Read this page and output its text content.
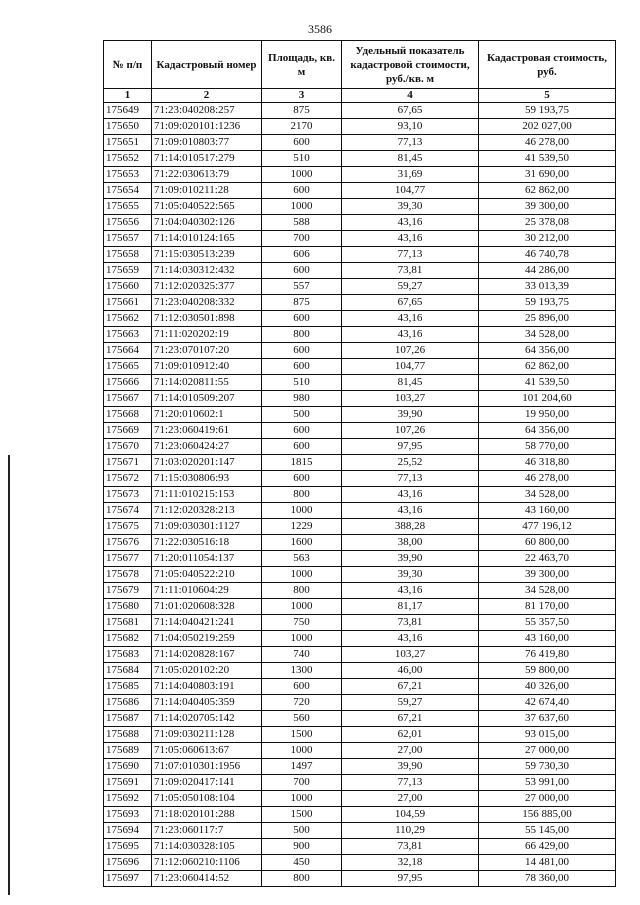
3586
№ п/п	Кадастровый номер	Площадь, кв. м	Удельный показатель кадастровой стоимости, руб./кв. м	Кадастровая стоимость, руб.
1	2	3	4	5
175649	71:23:040208:257	875	67,65	59 193,75
175650	71:09:020101:1236	2170	93,10	202 027,00
175651	71:09:010803:77	600	77,13	46 278,00
175652	71:14:010517:279	510	81,45	41 539,50
175653	71:22:030613:79	1000	31,69	31 690,00
175654	71:09:010211:28	600	104,77	62 862,00
175655	71:05:040522:565	1000	39,30	39 300,00
175656	71:04:040302:126	588	43,16	25 378,08
175657	71:14:010124:165	700	43,16	30 212,00
175658	71:15:030513:239	606	77,13	46 740,78
175659	71:14:030312:432	600	73,81	44 286,00
175660	71:12:020325:377	557	59,27	33 013,39
175661	71:23:040208:332	875	67,65	59 193,75
175662	71:12:030501:898	600	43,16	25 896,00
175663	71:11:020202:19	800	43,16	34 528,00
175664	71:23:070107:20	600	107,26	64 356,00
175665	71:09:010912:40	600	104,77	62 862,00
175666	71:14:020811:55	510	81,45	41 539,50
175667	71:14:010509:207	980	103,27	101 204,60
175668	71:20:010602:1	500	39,90	19 950,00
175669	71:23:060419:61	600	107,26	64 356,00
175670	71:23:060424:27	600	97,95	58 770,00
175671	71:03:020201:147	1815	25,52	46 318,80
175672	71:15:030806:93	600	77,13	46 278,00
175673	71:11:010215:153	800	43,16	34 528,00
175674	71:12:020328:213	1000	43,16	43 160,00
175675	71:09:030301:1127	1229	388,28	477 196,12
175676	71:22:030516:18	1600	38,00	60 800,00
175677	71:20:011054:137	563	39,90	22 463,70
175678	71:05:040522:210	1000	39,30	39 300,00
175679	71:11:010604:29	800	43,16	34 528,00
175680	71:01:020608:328	1000	81,17	81 170,00
175681	71:14:040421:241	750	73,81	55 357,50
175682	71:04:050219:259	1000	43,16	43 160,00
175683	71:14:020828:167	740	103,27	76 419,80
175684	71:05:020102:20	1300	46,00	59 800,00
175685	71:14:040803:191	600	67,21	40 326,00
175686	71:14:040405:359	720	59,27	42 674,40
175687	71:14:020705:142	560	67,21	37 637,60
175688	71:09:030211:128	1500	62,01	93 015,00
175689	71:05:060613:67	1000	27,00	27 000,00
175690	71:07:010301:1956	1497	39,90	59 730,30
175691	71:09:020417:141	700	77,13	53 991,00
175692	71:05:050108:104	1000	27,00	27 000,00
175693	71:18:020101:288	1500	104,59	156 885,00
175694	71:23:060117:7	500	110,29	55 145,00
175695	71:14:030328:105	900	73,81	66 429,00
175696	71:12:060210:1106	450	32,18	14 481,00
175697	71:23:060414:52	800	97,95	78 360,00
